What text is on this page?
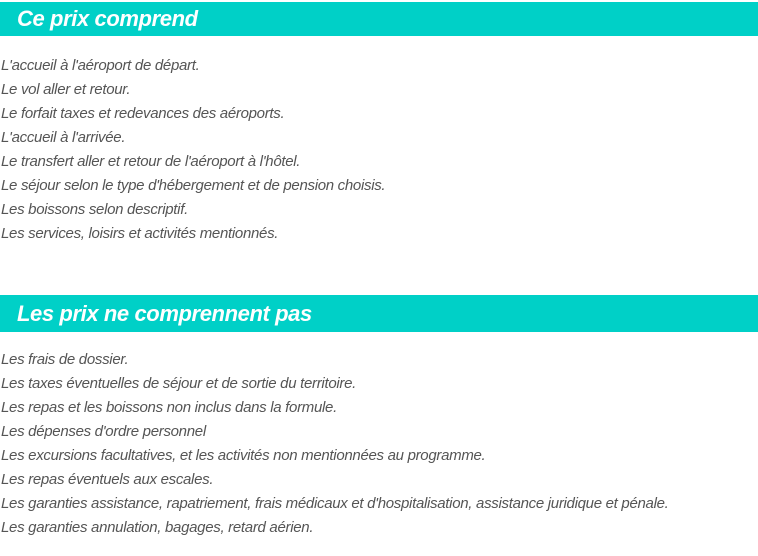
Ce prix comprend

L'accueil à l'aéroport de départ.

Le vol aller et retour.

Le forfait taxes et redevances des aéroports.

L'accueil à l'arrivée.

Le transfert aller et retour de l'aéroport à l'hôtel.

Le séjour selon le type d'hébergement et de pension choisis.

Les boissons selon descriptif.

Les services, loisirs et activités mentionnés.

Les prix ne comprennent pas

Les frais de dossier.

Les taxes éventuelles de séjour et de sortie du territoire.

Les repas et les boissons non inclus dans la formule.

Les dépenses d'ordre personnel

Les excursions facultatives, et les activités non mentionnées au programme.

Les repas éventuels aux escales.

Les garanties assistance, rapatriement, frais médicaux et d'hospitalisation, assistance juridique et pénale.

Les garanties annulation, bagages, retard aérien.
